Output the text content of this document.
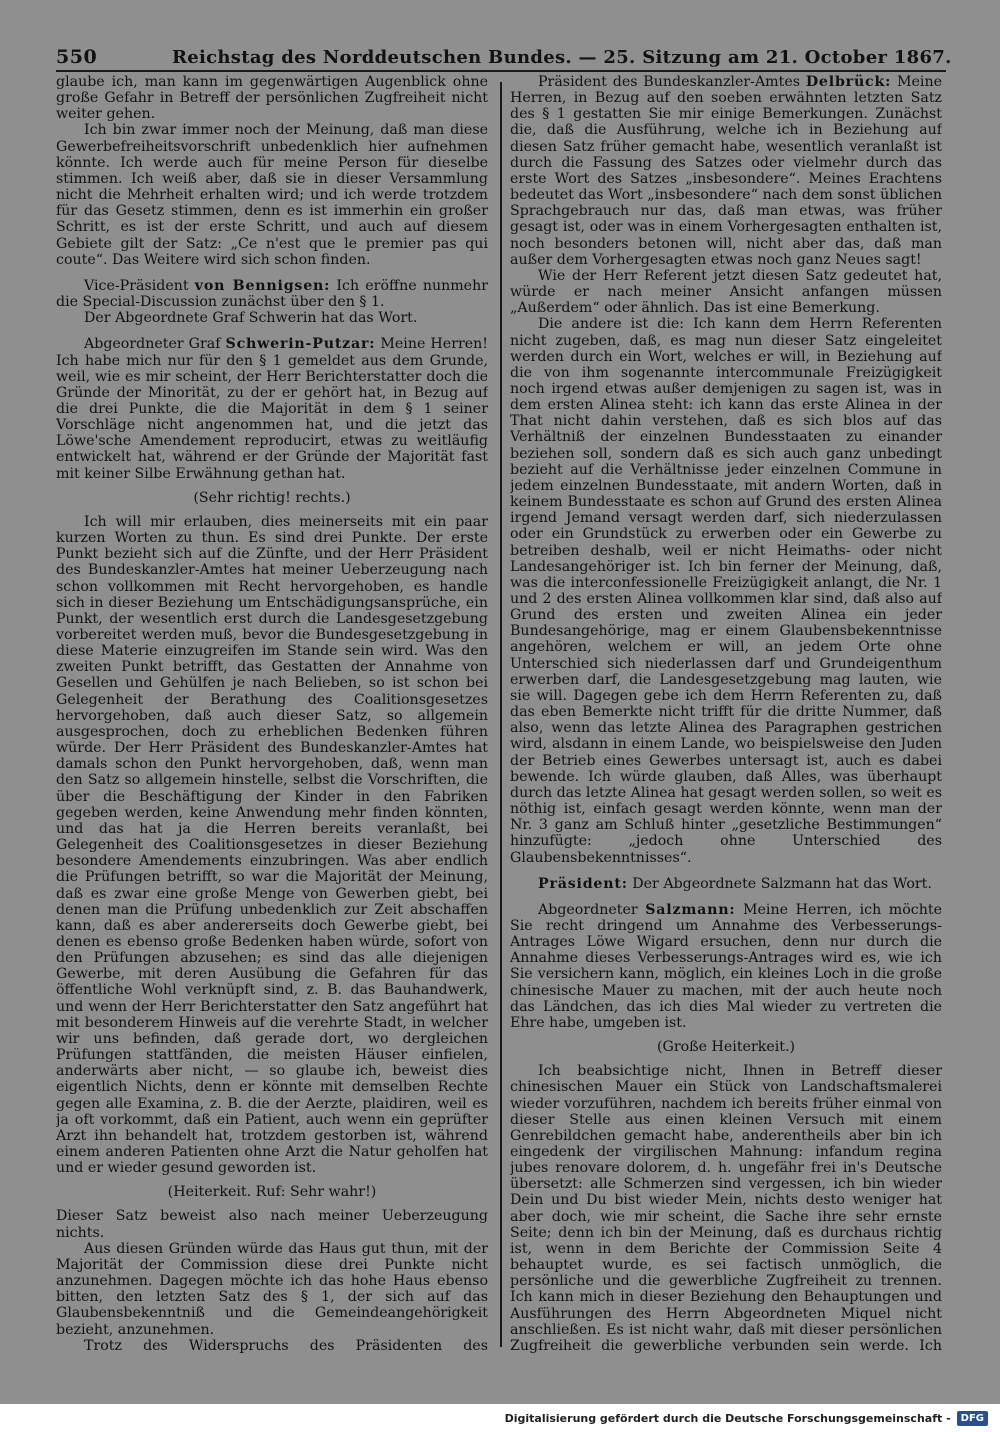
550	Reichstag des Norddeutschen Bundes. — 25. Sitzung am 21. October 1867.

glaube ich, man kann im gegenwärtigen Augenblick ohne große Gefahr in Betreff der persönlichen Zugfreiheit nicht weiter gehen.

Ich bin zwar immer noch der Meinung, daß man diese Gewerbefreiheitsvorschrift unbedenklich hier aufnehmen könnte. Ich werde auch für meine Person für dieselbe stimmen. Ich weiß aber, daß sie in dieser Versammlung nicht die Mehrheit erhalten wird; und ich werde trotzdem für das Gesetz stimmen, denn es ist immerhin ein großer Schritt, es ist der erste Schritt, und auch auf diesem Gebiete gilt der Satz: „Ce n'est que le premier pas qui coute“. Das Weitere wird sich schon finden.

Vice-Präsident von Bennigsen: Ich eröffne nunmehr die Special-Discussion zunächst über den § 1.

Der Abgeordnete Graf Schwerin hat das Wort.

Abgeordneter Graf Schwerin-Putzar: Meine Herren! Ich habe mich nur für den § 1 gemeldet aus dem Grunde, weil, wie es mir scheint, der Herr Berichterstatter doch die Gründe der Minorität, zu der er gehört hat, in Bezug auf die drei Punkte, die die Majorität in dem § 1 seiner Vorschläge nicht angenommen hat, und die jetzt das Löwe'sche Amendement reproducirt, etwas zu weitläufig entwickelt hat, während er der Gründe der Majorität fast mit keiner Silbe Erwähnung gethan hat.

(Sehr richtig! rechts.)

Ich will mir erlauben, dies meinerseits mit ein paar kurzen Worten zu thun. Es sind drei Punkte. Der erste Punkt bezieht sich auf die Zünfte, und der Herr Präsident des Bundeskanzler-Amtes hat meiner Ueberzeugung nach schon vollkommen mit Recht hervorgehoben, es handle sich in dieser Beziehung um Entschädigungsansprüche, ein Punkt, der wesentlich erst durch die Landesgesetzgebung vorbereitet werden muß, bevor die Bundesgesetzgebung in diese Materie einzugreifen im Stande sein wird. Was den zweiten Punkt betrifft, das Gestatten der Annahme von Gesellen und Gehülfen je nach Belieben, so ist schon bei Gelegenheit der Berathung des Coalitionsgesetzes hervorgehoben, daß auch dieser Satz, so allgemein ausgesprochen, doch zu erheblichen Bedenken führen würde. Der Herr Präsident des Bundeskanzler-Amtes hat damals schon den Punkt hervorgehoben, daß, wenn man den Satz so allgemein hinstelle, selbst die Vorschriften, die über die Beschäftigung der Kinder in den Fabriken gegeben werden, keine Anwendung mehr finden könnten, und das hat ja die Herren bereits veranlaßt, bei Gelegenheit des Coalitionsgesetzes in dieser Beziehung besondere Amendements einzubringen. Was aber endlich die Prüfungen betrifft, so war die Majorität der Meinung, daß es zwar eine große Menge von Gewerben giebt, bei denen man die Prüfung unbedenklich zur Zeit abschaffen kann, daß es aber andererseits doch Gewerbe giebt, bei denen es ebenso große Bedenken haben würde, sofort von den Prüfungen abzusehen; es sind das alle diejenigen Gewerbe, mit deren Ausübung die Gefahren für das öffentliche Wohl verknüpft sind, z. B. das Bauhandwerk, und wenn der Herr Berichterstatter den Satz angeführt hat mit besonderem Hinweis auf die verehrte Stadt, in welcher wir uns befinden, daß gerade dort, wo dergleichen Prüfungen stattfänden, die meisten Häuser einfielen, anderwärts aber nicht, — so glaube ich, beweist dies eigentlich Nichts, denn er könnte mit demselben Rechte gegen alle Examina, z. B. die der Aerzte, plaidiren, weil es ja oft vorkommt, daß ein Patient, auch wenn ein geprüfter Arzt ihn behandelt hat, trotzdem gestorben ist, während einem anderen Patienten ohne Arzt die Natur geholfen hat und er wieder gesund geworden ist.

(Heiterkeit. Ruf: Sehr wahr!)

Dieser Satz beweist also nach meiner Ueberzeugung nichts.

Aus diesen Gründen würde das Haus gut thun, mit der Majorität der Commission diese drei Punkte nicht anzunehmen. Dagegen möchte ich das hohe Haus ebenso bitten, den letzten Satz des § 1, der sich auf das Glaubensbekenntniß und die Gemeindeangehörigkeit bezieht, anzunehmen.

Trotz des Widerspruchs des Präsidenten des

Präsident des Bundeskanzler-Amtes Delbrück: Meine Herren, in Bezug auf den soeben erwähnten letzten Satz des § 1 gestatten Sie mir einige Bemerkungen. Zunächst die, daß die Ausführung, welche ich in Beziehung auf diesen Satz früher gemacht habe, wesentlich veranlaßt ist durch die Fassung des Satzes oder vielmehr durch das erste Wort des Satzes „insbesondere“. Meines Erachtens bedeutet das Wort „insbesondere“ nach dem sonst üblichen Sprachgebrauch nur das, daß man etwas, was früher gesagt ist, oder was in einem Vorhergesagten enthalten ist, noch besonders betonen will, nicht aber das, daß man außer dem Vorhergesagten etwas noch ganz Neues sagt!

Wie der Herr Referent jetzt diesen Satz gedeutet hat, würde er nach meiner Ansicht anfangen müssen „Außerdem“ oder ähnlich. Das ist eine Bemerkung.

Die andere ist die: Ich kann dem Herrn Referenten nicht zugeben, daß, es mag nun dieser Satz eingeleitet werden durch ein Wort, welches er will, in Beziehung auf die von ihm sogenannte intercommunale Freizügigkeit noch irgend etwas außer demjenigen zu sagen ist, was in dem ersten Alinea steht: ich kann das erste Alinea in der That nicht dahin verstehen, daß es sich blos auf das Verhältniß der einzelnen Bundesstaaten zu einander beziehen soll, sondern daß es sich auch ganz unbedingt bezieht auf die Verhältnisse jeder einzelnen Commune in jedem einzelnen Bundesstaate, mit andern Worten, daß in keinem Bundesstaate es schon auf Grund des ersten Alinea irgend Jemand versagt werden darf, sich niederzulassen oder ein Grundstück zu erwerben oder ein Gewerbe zu betreiben deshalb, weil er nicht Heimaths- oder nicht Landesangehöriger ist. Ich bin ferner der Meinung, daß, was die interconfessionelle Freizügigkeit anlangt, die Nr. 1 und 2 des ersten Alinea vollkommen klar sind, daß also auf Grund des ersten und zweiten Alinea ein jeder Bundesangehörige, mag er einem Glaubensbekenntnisse angehören, welchem er will, an jedem Orte ohne Unterschied sich niederlassen darf und Grundeigenthum erwerben darf, die Landesgesetzgebung mag lauten, wie sie will. Dagegen gebe ich dem Herrn Referenten zu, daß das eben Bemerkte nicht trifft für die dritte Nummer, daß also, wenn das letzte Alinea des Paragraphen gestrichen wird, alsdann in einem Lande, wo beispielsweise den Juden der Betrieb eines Gewerbes untersagt ist, auch es dabei bewende. Ich würde glauben, daß Alles, was überhaupt durch das letzte Alinea hat gesagt werden sollen, so weit es nöthig ist, einfach gesagt werden könnte, wenn man der Nr. 3 ganz am Schluß hinter „gesetzliche Bestimmungen“ hinzufügte: „jedoch ohne Unterschied des Glaubensbekenntnisses“.

Präsident: Der Abgeordnete Salzmann hat das Wort.

Abgeordneter Salzmann: Meine Herren, ich möchte Sie recht dringend um Annahme des Verbesserungs-Antrages Löwe Wigard ersuchen, denn nur durch die Annahme dieses Verbesserungs-Antrages wird es, wie ich Sie versichern kann, möglich, ein kleines Loch in die große chinesische Mauer zu machen, mit der auch heute noch das Ländchen, das ich dies Mal wieder zu vertreten die Ehre habe, umgeben ist.

(Große Heiterkeit.)

Ich beabsichtige nicht, Ihnen in Betreff dieser chinesischen Mauer ein Stück von Landschaftsmalerei wieder vorzuführen, nachdem ich bereits früher einmal von dieser Stelle aus einen kleinen Versuch mit einem Genrebildchen gemacht habe, anderentheils aber bin ich eingedenk der virgilischen Mahnung: infandum regina jubes renovare dolorem, d. h. ungefähr frei in's Deutsche übersetzt: alle Schmerzen sind vergessen, ich bin wieder Dein und Du bist wieder Mein, nichts desto weniger hat aber doch, wie mir scheint, die Sache ihre sehr ernste Seite; denn ich bin der Meinung, daß es durchaus richtig ist, wenn in dem Berichte der Commission Seite 4 behauptet wurde, es sei factisch unmöglich, die persönliche und die gewerbliche Zugfreiheit zu trennen. Ich kann mich in dieser Beziehung den Behauptungen und Ausführungen des Herrn Abgeordneten Miquel nicht anschließen. Es ist nicht wahr, daß mit dieser persönlichen Zugfreiheit die gewerbliche verbunden sein werde. Ich

Digitalisierung gefördert durch die Deutsche Forschungsgemeinschaft -	DFG
